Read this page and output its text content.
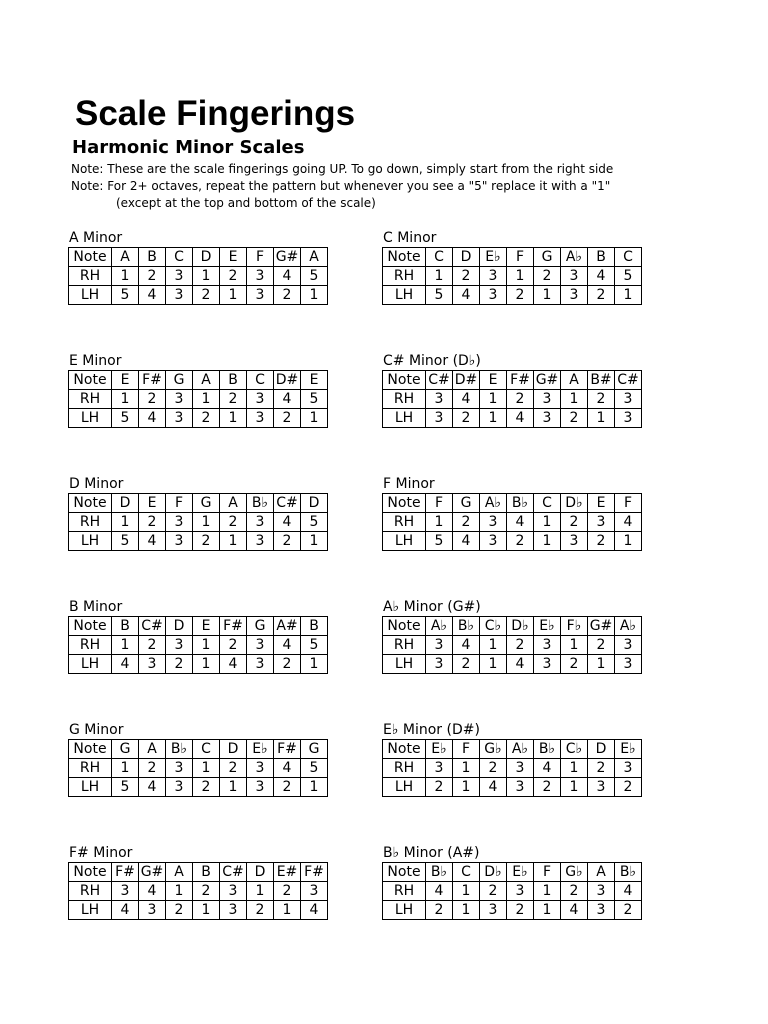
Scale Fingerings
Harmonic Minor Scales
Note: These are the scale fingerings going UP. To go down, simply start from the right side
Note: For 2+ octaves, repeat the pattern but whenever you see a "5" replace it with a "1"
(except at the top and bottom of the scale)
A Minor
Note	A	B	C	D	E	F	G#	A
RH	1	2	3	1	2	3	4	5
LH	5	4	3	2	1	3	2	1
C Minor
Note	C	D	E♭	F	G	A♭	B	C
RH	1	2	3	1	2	3	4	5
LH	5	4	3	2	1	3	2	1
E Minor
Note	E	F#	G	A	B	C	D#	E
RH	1	2	3	1	2	3	4	5
LH	5	4	3	2	1	3	2	1
C# Minor (D♭)
Note	C#	D#	E	F#	G#	A	B#	C#
RH	3	4	1	2	3	1	2	3
LH	3	2	1	4	3	2	1	3
D Minor
Note	D	E	F	G	A	B♭	C#	D
RH	1	2	3	1	2	3	4	5
LH	5	4	3	2	1	3	2	1
F Minor
Note	F	G	A♭	B♭	C	D♭	E	F
RH	1	2	3	4	1	2	3	4
LH	5	4	3	2	1	3	2	1
B Minor
Note	B	C#	D	E	F#	G	A#	B
RH	1	2	3	1	2	3	4	5
LH	4	3	2	1	4	3	2	1
A♭ Minor (G#)
Note	A♭	B♭	C♭	D♭	E♭	F♭	G#	A♭
RH	3	4	1	2	3	1	2	3
LH	3	2	1	4	3	2	1	3
G Minor
Note	G	A	B♭	C	D	E♭	F#	G
RH	1	2	3	1	2	3	4	5
LH	5	4	3	2	1	3	2	1
E♭ Minor (D#)
Note	E♭	F	G♭	A♭	B♭	C♭	D	E♭
RH	3	1	2	3	4	1	2	3
LH	2	1	4	3	2	1	3	2
F# Minor
Note	F#	G#	A	B	C#	D	E#	F#
RH	3	4	1	2	3	1	2	3
LH	4	3	2	1	3	2	1	4
B♭ Minor (A#)
Note	B♭	C	D♭	E♭	F	G♭	A	B♭
RH	4	1	2	3	1	2	3	4
LH	2	1	3	2	1	4	3	2
